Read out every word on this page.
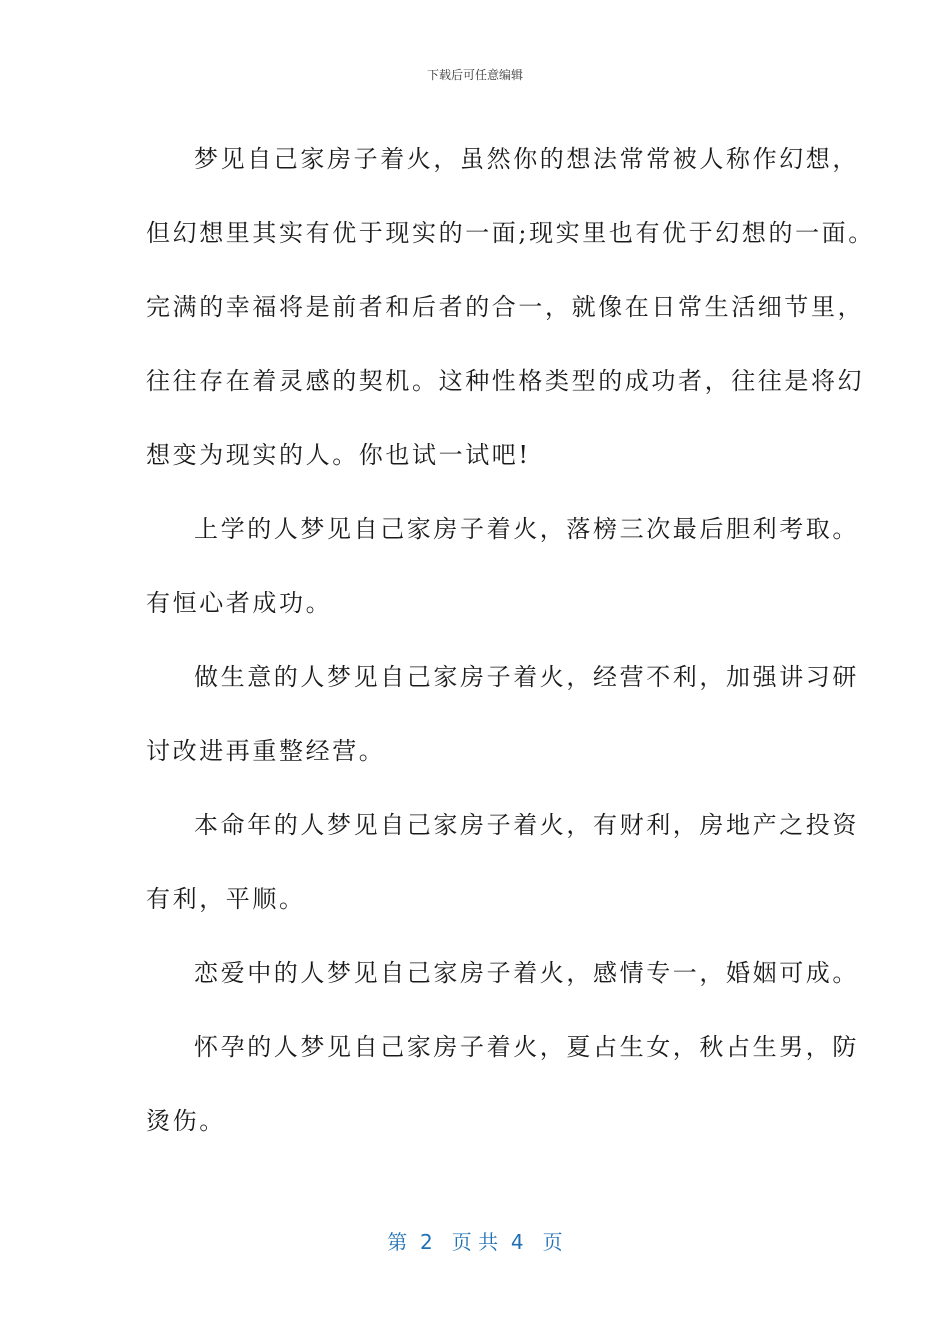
下载后可任意编辑
梦见自己家房子着火，虽然你的想法常常被人称作幻想，
但幻想里其实有优于现实的一面;现实里也有优于幻想的一面。
完满的幸福将是前者和后者的合一，就像在日常生活细节里，
往往存在着灵感的契机。这种性格类型的成功者，往往是将幻
想变为现实的人。你也试一试吧!
上学的人梦见自己家房子着火，落榜三次最后胆利考取。
有恒心者成功。
做生意的人梦见自己家房子着火，经营不利，加强讲习研
讨改进再重整经营。
本命年的人梦见自己家房子着火，有财利，房地产之投资
有利，平顺。
恋爱中的人梦见自己家房子着火，感情专一，婚姻可成。
怀孕的人梦见自己家房子着火，夏占生女，秋占生男，防
烫伤。
第  2   页 共  4   页
